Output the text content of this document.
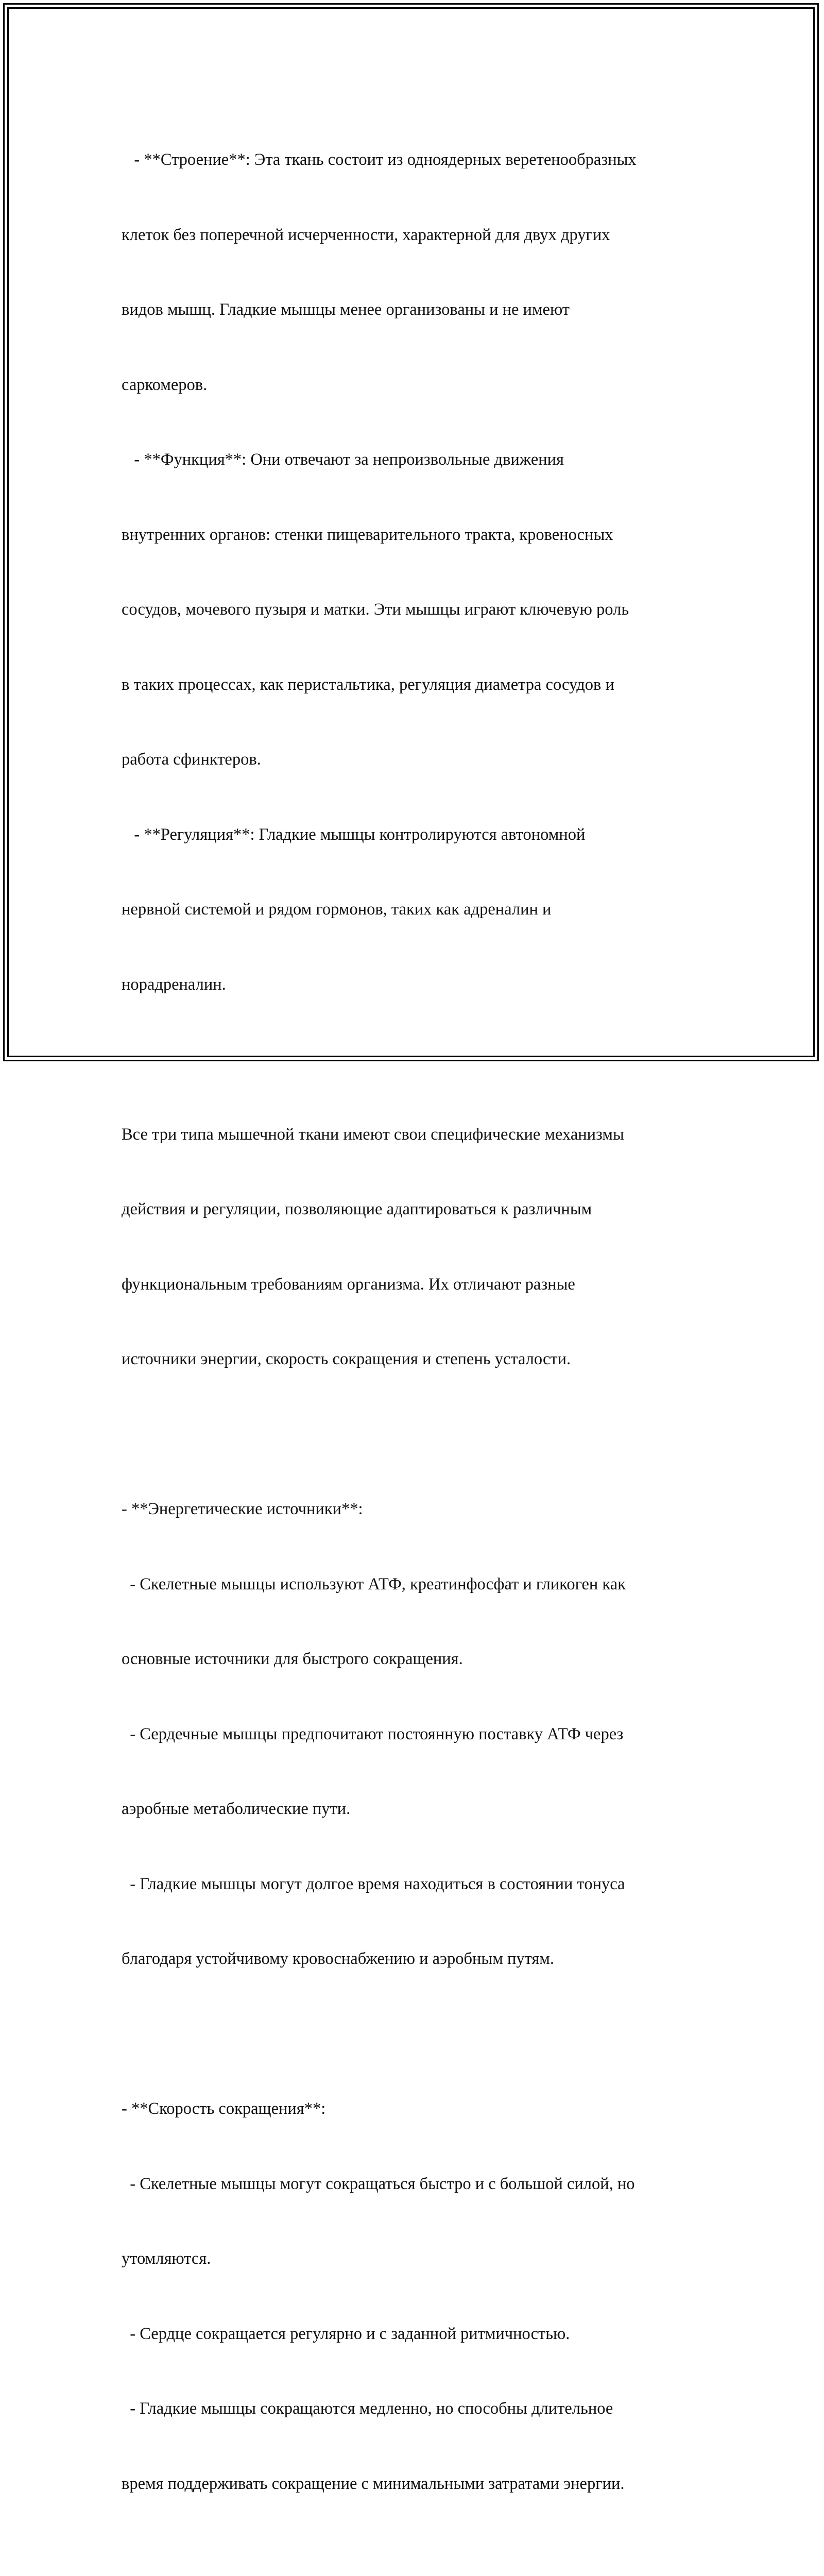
- **Строение**: Эта ткань состоит из одноядерных веретенообразных

клеток без поперечной исчерченности, характерной для двух других

видов мышц. Гладкие мышцы менее организованы и не имеют

саркомеров.

- **Функция**: Они отвечают за непроизвольные движения

внутренних органов: стенки пищеварительного тракта, кровеносных

сосудов, мочевого пузыря и матки. Эти мышцы играют ключевую роль

в таких процессах, как перистальтика, регуляция диаметра сосудов и

работа сфинктеров.

- **Регуляция**: Гладкие мышцы контролируются автономной

нервной системой и рядом гормонов, таких как адреналин и

норадреналин.

Все три типа мышечной ткани имеют свои специфические механизмы

действия и регуляции, позволяющие адаптироваться к различным

функциональным требованиям организма. Их отличают разные

источники энергии, скорость сокращения и степень усталости.

- **Энергетические источники**:

- Скелетные мышцы используют АТФ, креатинфосфат и гликоген как

основные источники для быстрого сокращения.

- Сердечные мышцы предпочитают постоянную поставку АТФ через

аэробные метаболические пути.

- Гладкие мышцы могут долгое время находиться в состоянии тонуса

благодаря устойчивому кровоснабжению и аэробным путям.

- **Скорость сокращения**:

- Скелетные мышцы могут сокращаться быстро и с большой силой, но

утомляются.

- Сердце сокращается регулярно и с заданной ритмичностью.

- Гладкие мышцы сокращаются медленно, но способны длительное

время поддерживать сокращение с минимальными затратами энергии.
